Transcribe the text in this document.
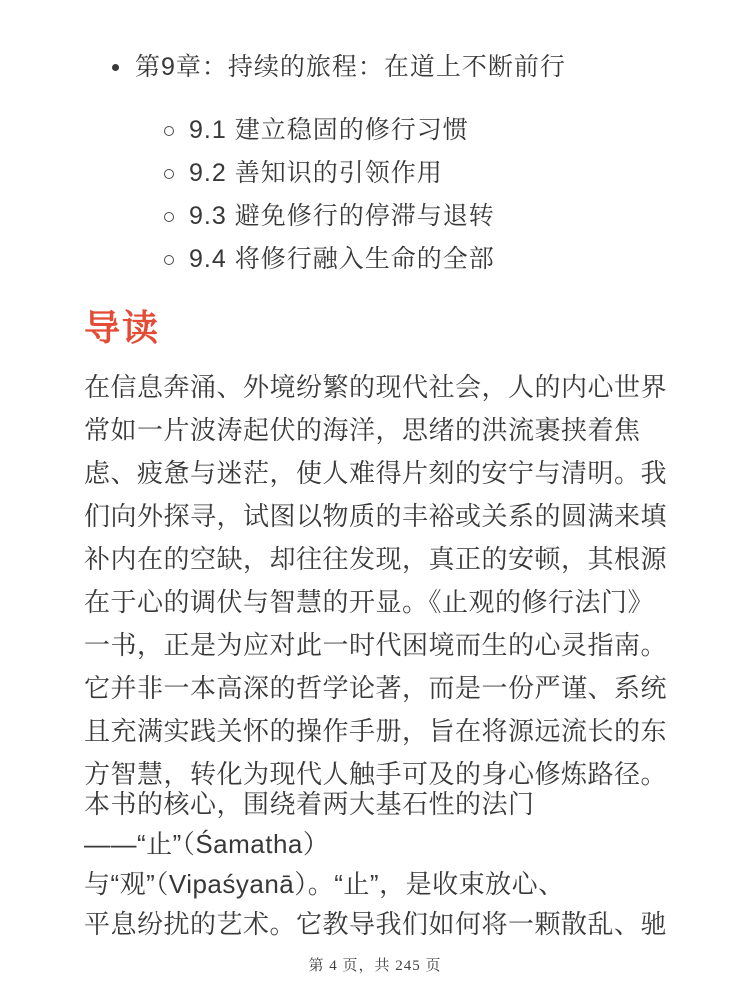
第9章：持续的旅程：在道上不断前行
9.1 建立稳固的修行习惯
9.2 善知识的引领作用
9.3 避免修行的停滞与退转
9.4 将修行融入生命的全部
导读
在信息奔涌、外境纷繁的现代社会，人的内心世界
常如一片波涛起伏的海洋，思绪的洪流裹挟着焦
虑、疲惫与迷茫，使人难得片刻的安宁与清明。我
们向外探寻，试图以物质的丰裕或关系的圆满来填
补内在的空缺，却往往发现，真正的安顿，其根源
在于心的调伏与智慧的开显。《止观的修行法门》
一书，正是为应对此一时代困境而生的心灵指南。
它并非一本高深的哲学论著，而是一份严谨、系统
且充满实践关怀的操作手册，旨在将源远流长的东
方智慧，转化为现代人触手可及的身心修炼路径。
本书的核心，围绕着两大基石性的法门
——“止”（Śamatha）
与“观”（Vipaśyanā）。“止”，是收束放心、
平息纷扰的艺术。它教导我们如何将一颗散乱、驰
第 4 页，共 245 页
